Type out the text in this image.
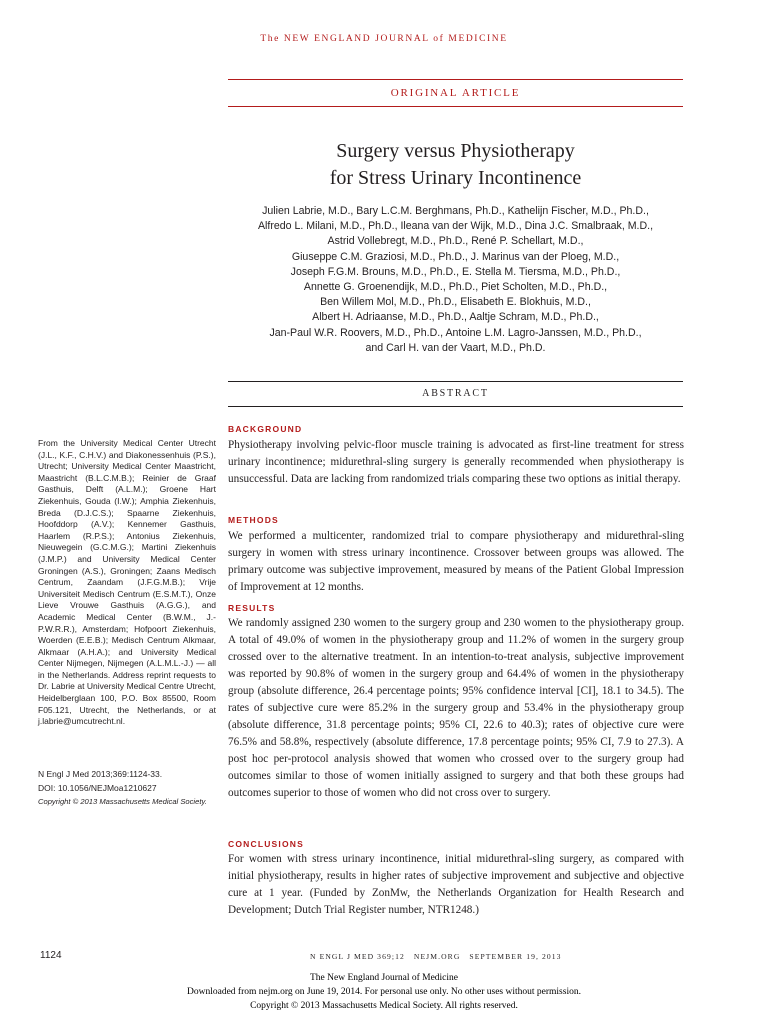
The NEW ENGLAND JOURNAL of MEDICINE
ORIGINAL ARTICLE
Surgery versus Physiotherapy
for Stress Urinary Incontinence
Julien Labrie, M.D., Bary L.C.M. Berghmans, Ph.D., Kathelijn Fischer, M.D., Ph.D.,
Alfredo L. Milani, M.D., Ph.D., Ileana van der Wijk, M.D., Dina J.C. Smalbraak, M.D.,
Astrid Vollebregt, M.D., Ph.D., René P. Schellart, M.D.,
Giuseppe C.M. Graziosi, M.D., Ph.D., J. Marinus van der Ploeg, M.D.,
Joseph F.G.M. Brouns, M.D., Ph.D., E. Stella M. Tiersma, M.D., Ph.D.,
Annette G. Groenendijk, M.D., Ph.D., Piet Scholten, M.D., Ph.D.,
Ben Willem Mol, M.D., Ph.D., Elisabeth E. Blokhuis, M.D.,
Albert H. Adriaanse, M.D., Ph.D., Aaltje Schram, M.D., Ph.D.,
Jan-Paul W.R. Roovers, M.D., Ph.D., Antoine L.M. Lagro-Janssen, M.D., Ph.D.,
and Carl H. van der Vaart, M.D., Ph.D.
ABSTRACT
BACKGROUND

Physiotherapy involving pelvic-floor muscle training is advocated as first-line treatment for stress urinary incontinence; midurethral-sling surgery is generally recommended when physiotherapy is unsuccessful. Data are lacking from randomized trials comparing these two options as initial therapy.

METHODS

We performed a multicenter, randomized trial to compare physiotherapy and midurethral-sling surgery in women with stress urinary incontinence. Crossover between groups was allowed. The primary outcome was subjective improvement, measured by means of the Patient Global Impression of Improvement at 12 months.

RESULTS

We randomly assigned 230 women to the surgery group and 230 women to the physiotherapy group. A total of 49.0% of women in the physiotherapy group and 11.2% of women in the surgery group crossed over to the alternative treatment. In an intention-to-treat analysis, subjective improvement was reported by 90.8% of women in the surgery group and 64.4% of women in the physiotherapy group (absolute difference, 26.4 percentage points; 95% confidence interval [CI], 18.1 to 34.5). The rates of subjective cure were 85.2% in the surgery group and 53.4% in the physiotherapy group (absolute difference, 31.8 percentage points; 95% CI, 22.6 to 40.3); rates of objective cure were 76.5% and 58.8%, respectively (absolute difference, 17.8 percentage points; 95% CI, 7.9 to 27.3). A post hoc per-protocol analysis showed that women who crossed over to the surgery group had outcomes similar to those of women initially assigned to surgery and that both these groups had outcomes superior to those of women who did not cross over to surgery.

CONCLUSIONS

For women with stress urinary incontinence, initial midurethral-sling surgery, as compared with initial physiotherapy, results in higher rates of subjective improvement and subjective and objective cure at 1 year. (Funded by ZonMw, the Netherlands Organization for Health Research and Development; Dutch Trial Register number, NTR1248.)

From the University Medical Center Utrecht (J.L., K.F., C.H.V.) and Diakonessenhuis (P.S.), Utrecht; University Medical Center Maastricht, Maastricht (B.L.C.M.B.); Reinier de Graaf Gasthuis, Delft (A.L.M.); Groene Hart Ziekenhuis, Gouda (I.W.); Amphia Ziekenhuis, Breda (D.J.C.S.); Spaarne Ziekenhuis, Hoofddorp (A.V.); Kennemer Gasthuis, Haarlem (R.P.S.); Antonius Ziekenhuis, Nieuwegein (G.C.M.G.); Martini Ziekenhuis (J.M.P.) and University Medical Center Groningen (A.S.), Groningen; Zaans Medisch Centrum, Zaandam (J.F.G.M.B.); Vrije Universiteit Medisch Centrum (E.S.M.T.), Onze Lieve Vrouwe Gasthuis (A.G.G.), and Academic Medical Center (B.W.M., J.-P.W.R.R.), Amsterdam; Hofpoort Ziekenhuis, Woerden (E.E.B.); Medisch Centrum Alkmaar, Alkmaar (A.H.A.); and University Medical Center Nijmegen, Nijmegen (A.L.M.L.-J.) — all in the Netherlands. Address reprint requests to Dr. Labrie at University Medical Centre Utrecht, Heidelberglaan 100, P.O. Box 85500, Room F05.121, Utrecht, the Netherlands, or at j.labrie@umcutrecht.nl.

N Engl J Med 2013;369:1124-33.
DOI: 10.1056/NEJMoa1210627
Copyright © 2013 Massachusetts Medical Society.
1124	N ENGL J MED 369;12   NEJM.ORG   SEPTEMBER 19, 2013
The New England Journal of Medicine
Downloaded from nejm.org on June 19, 2014. For personal use only. No other uses without permission.
Copyright © 2013 Massachusetts Medical Society. All rights reserved.
